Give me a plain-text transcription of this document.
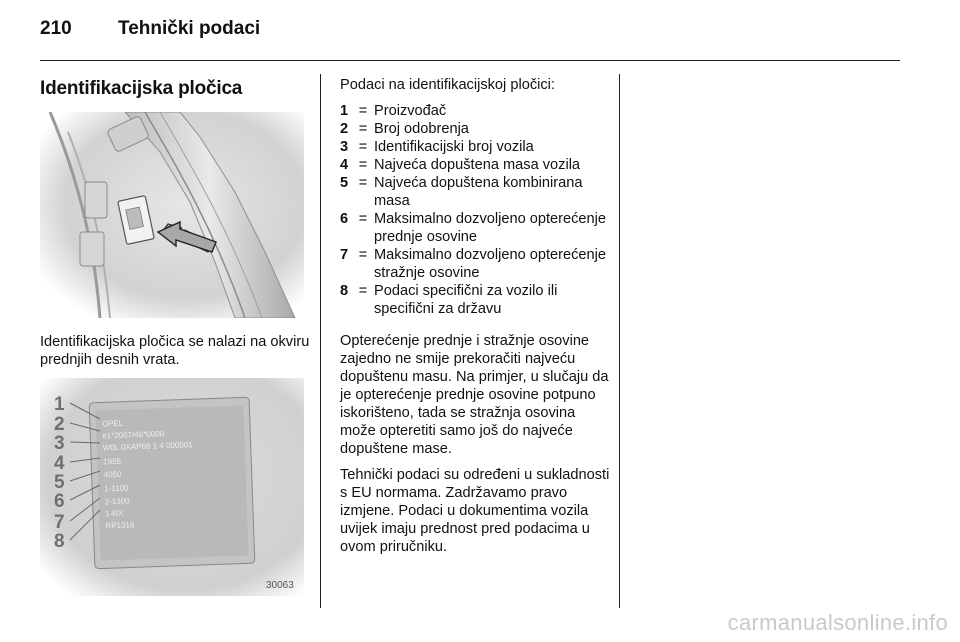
210 Tehnički podaci
Identifikacijska pločica
Identifikacijska pločica se nalazi na okviru prednjih desnih vrata.
OPEL
e1*2007/46*0000
W0L 0XAP68 1 4 000001
1955
4050
1-1100
2-1300
1-RX
RP1316
1
2
3
4
5
6
7
8
30063

Podaci na identifikacijskoj pločici:

1 = Proizvođač
2 = Broj odobrenja
3 = Identifikacijski broj vozila
4 = Najveća dopuštena masa vozila
5 = Najveća dopuštena kombinirana masa
6 = Maksimalno dozvoljeno opterećenje prednje osovine
7 = Maksimalno dozvoljeno opterećenje stražnje osovine
8 = Podaci specifični za vozilo ili specifični za državu

Opterećenje prednje i stražnje osovine zajedno ne smije prekoračiti najveću dopuštenu masu. Na primjer, u slučaju da je opterećenje prednje osovine potpuno iskorišteno, tada se stražnja osovina može opteretiti samo još do najveće dopuštene mase.

Tehnički podaci su određeni u sukladnosti s EU normama. Zadržavamo pravo izmjene. Podaci u dokumentima vozila uvijek imaju prednost pred podacima u ovom priručniku.

carmanualsonline.info
